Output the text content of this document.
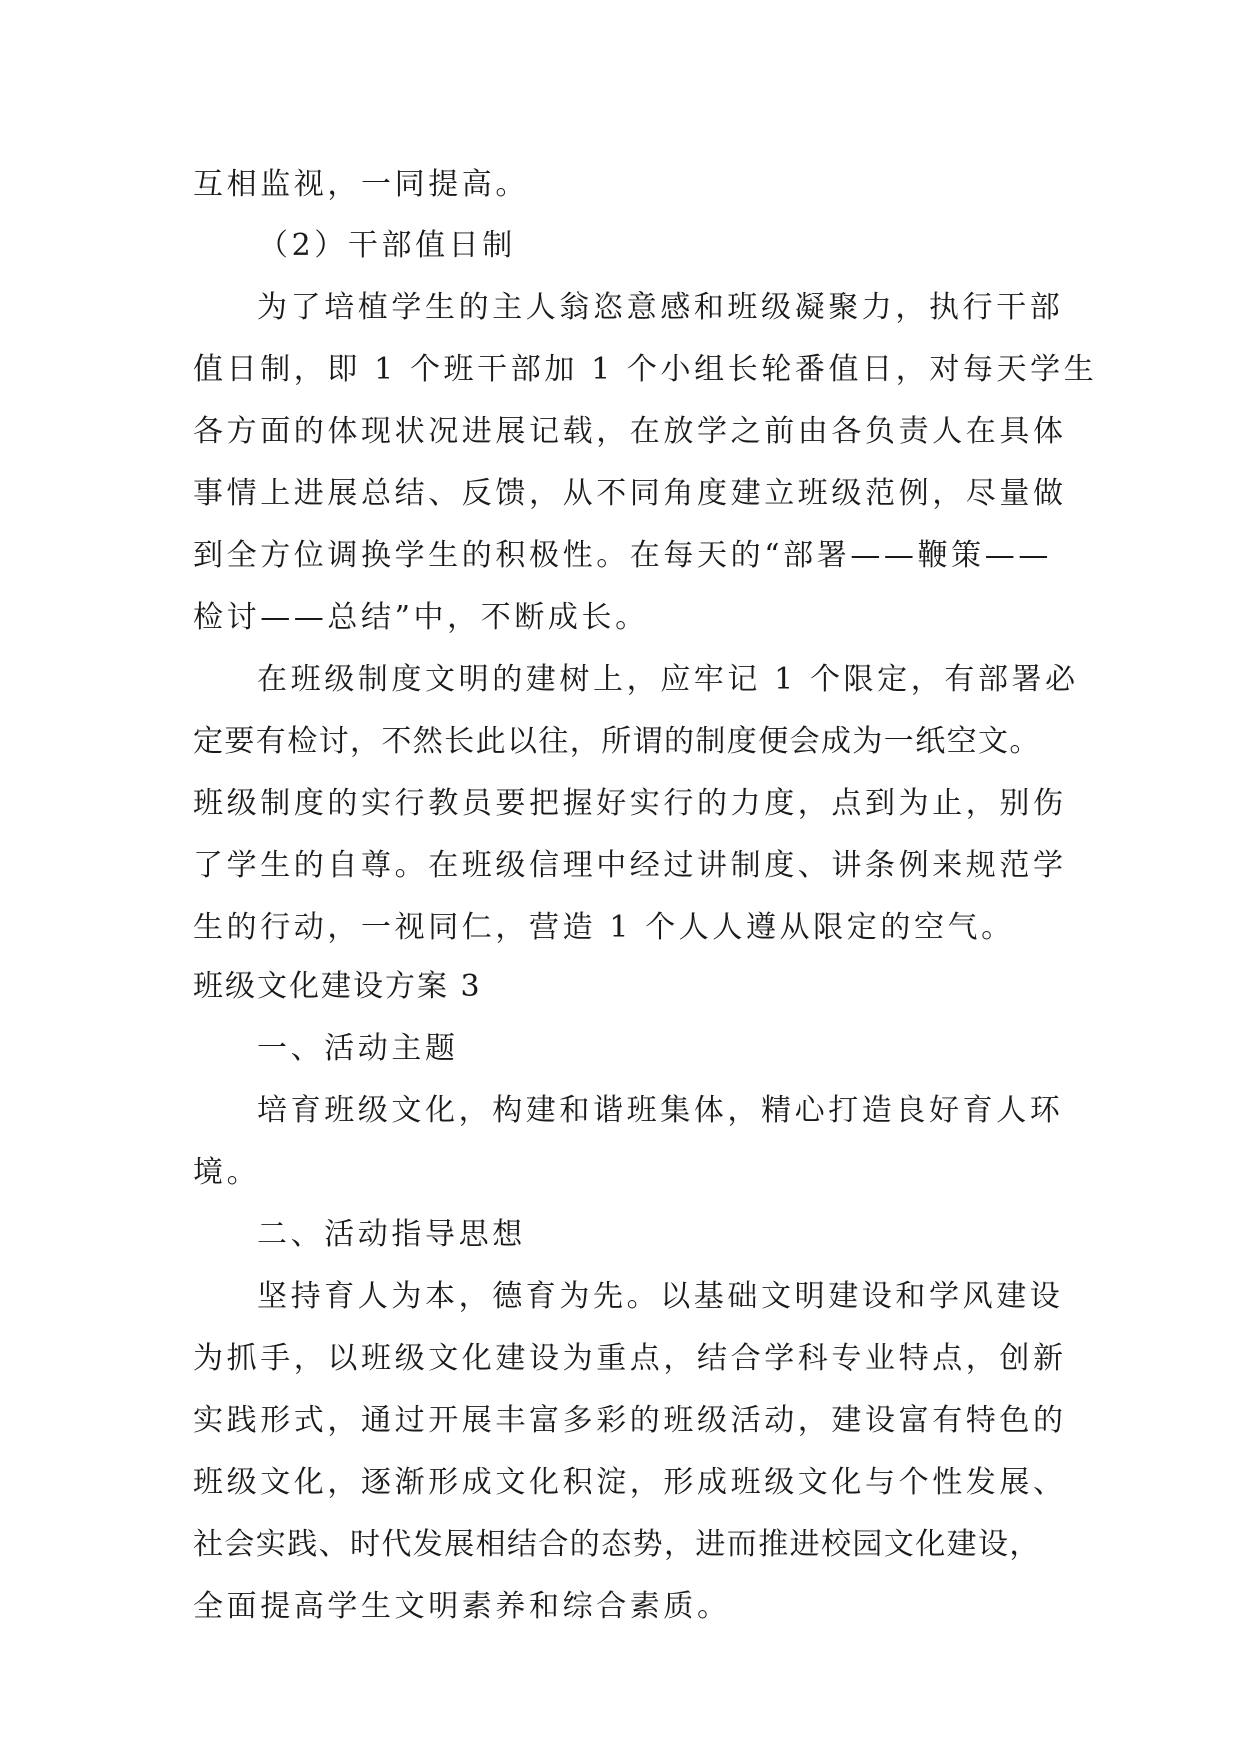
互相监视，一同提高。

（2）干部值日制

为了培植学生的主人翁恣意感和班级凝聚力，执行干部

值日制，即 1 个班干部加 1 个小组长轮番值日，对每天学生

各方面的体现状况进展记载，在放学之前由各负责人在具体

事情上进展总结、反馈，从不同角度建立班级范例，尽量做

到全方位调换学生的积极性。在每天的“部署——鞭策——

检讨——总结”中，不断成长。

在班级制度文明的建树上，应牢记 1 个限定，有部署必

定要有检讨，不然长此以往，所谓的制度便会成为一纸空文。

班级制度的实行教员要把握好实行的力度，点到为止，别伤

了学生的自尊。在班级信理中经过讲制度、讲条例来规范学

生的行动，一视同仁，营造 1 个人人遵从限定的空气。

班级文化建设方案 3

一、活动主题

培育班级文化，构建和谐班集体，精心打造良好育人环

境。

二、活动指导思想

坚持育人为本，德育为先。以基础文明建设和学风建设

为抓手，以班级文化建设为重点，结合学科专业特点，创新

实践形式，通过开展丰富多彩的班级活动，建设富有特色的

班级文化，逐渐形成文化积淀，形成班级文化与个性发展、

社会实践、时代发展相结合的态势，进而推进校园文化建设，

全面提高学生文明素养和综合素质。
